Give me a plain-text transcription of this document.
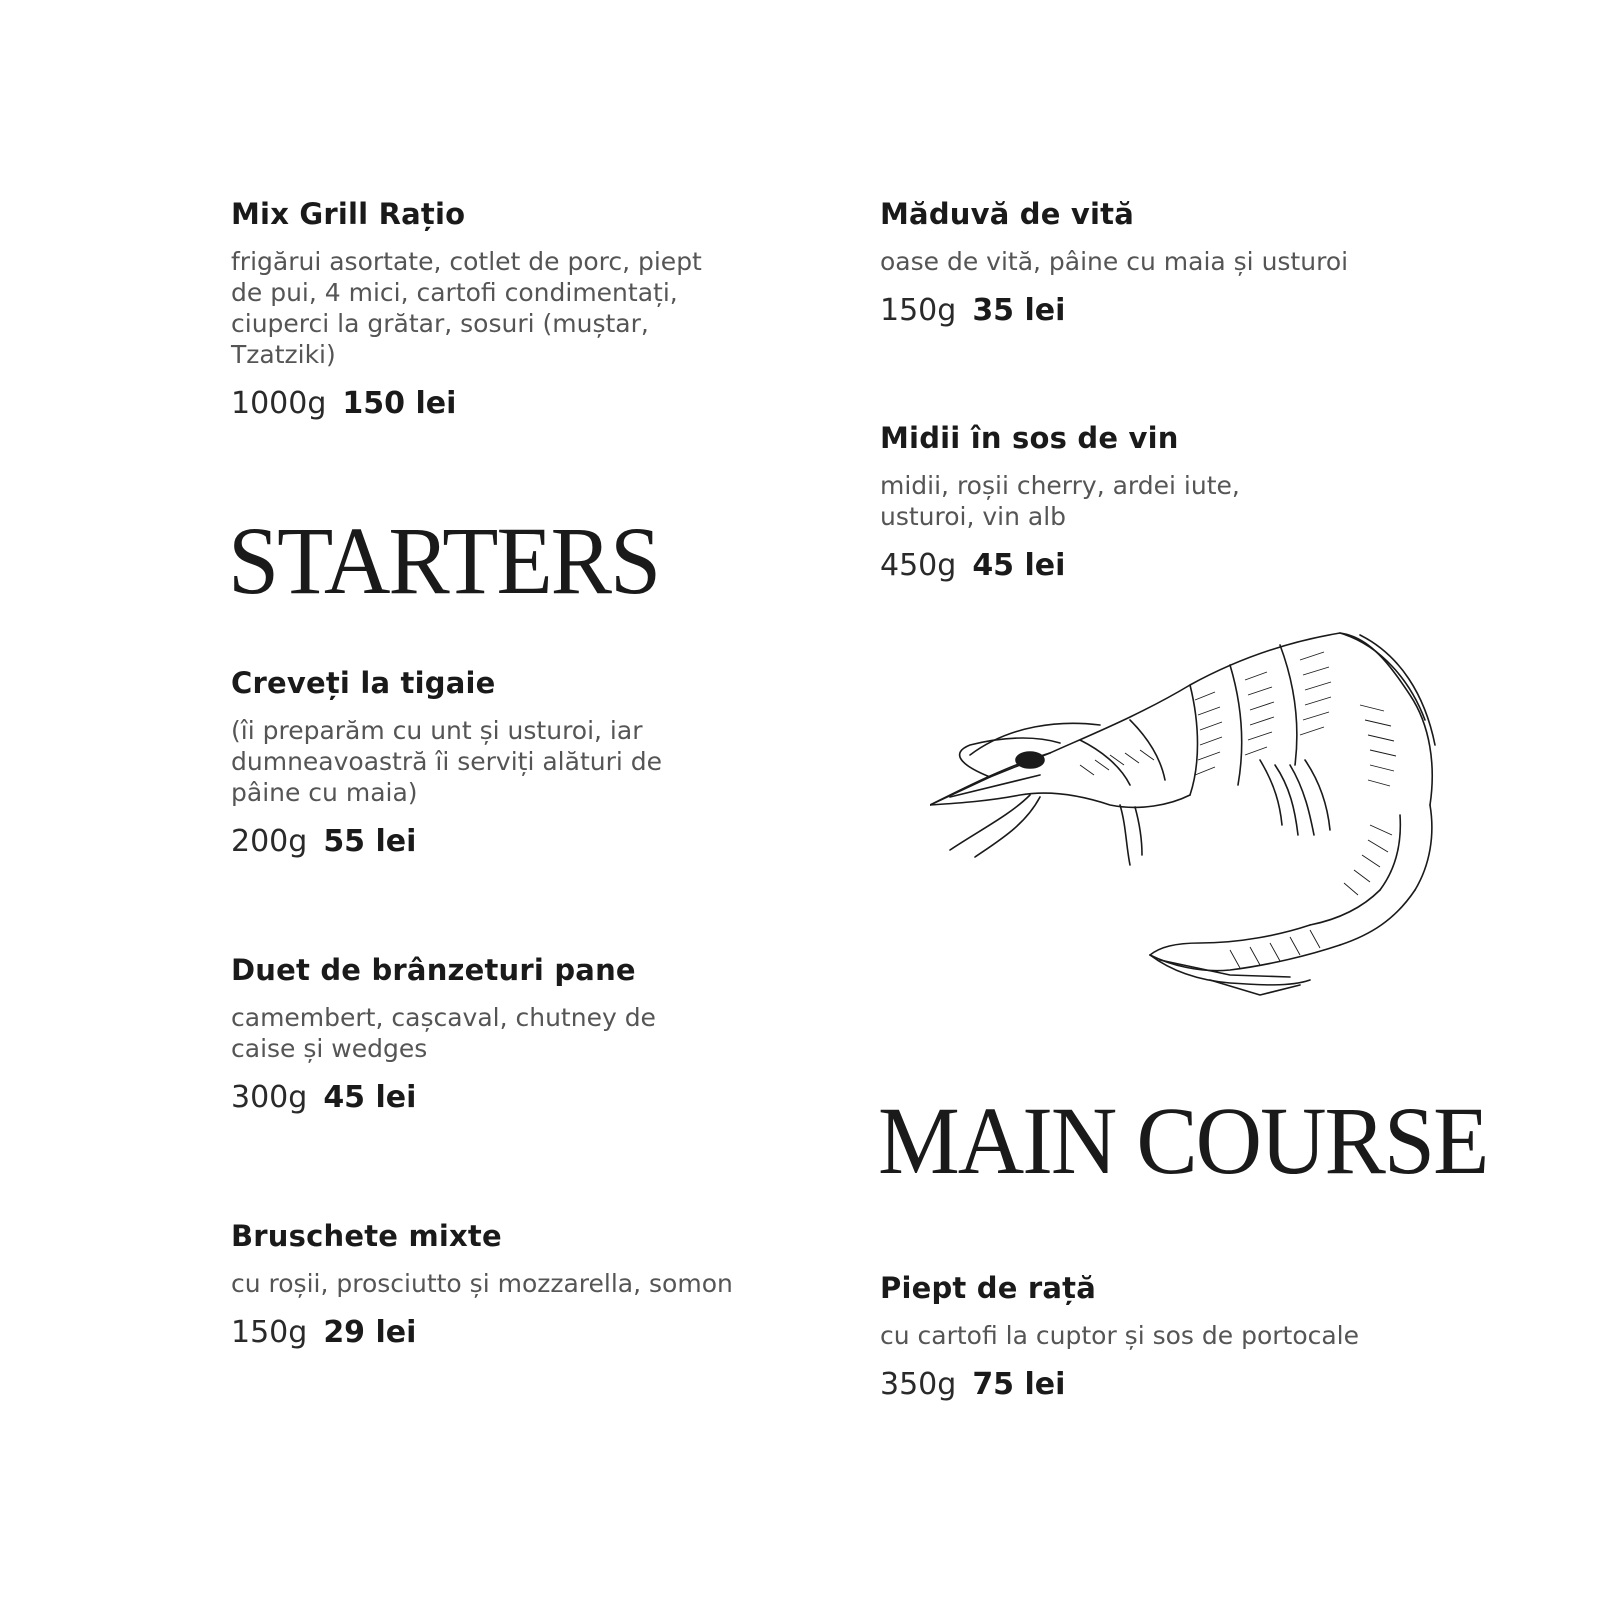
Mix Grill Rațio

frigărui asortate, cotlet de porc, piept de pui, 4 mici, cartofi condimentați, ciuperci la grătar, sosuri (muștar, Tzatziki)

1000g 150 lei
STARTERS
Creveți la tigaie

(îi preparăm cu unt și usturoi, iar dumneavoastră îi serviți alături de pâine cu maia)

200g 55 lei
Duet de brânzeturi pane

camembert, cașcaval, chutney de caise și wedges

300g 45 lei
Bruschete mixte

cu roșii, prosciutto și mozzarella, somon

150g 29 lei
Măduvă de vită

oase de vită, pâine cu maia și usturoi

150g 35 lei
Midii în sos de vin

midii, roșii cherry, ardei iute, usturoi, vin alb

450g 45 lei
MAIN COURSE
Piept de rață

cu cartofi la cuptor și sos de portocale

350g 75 lei
